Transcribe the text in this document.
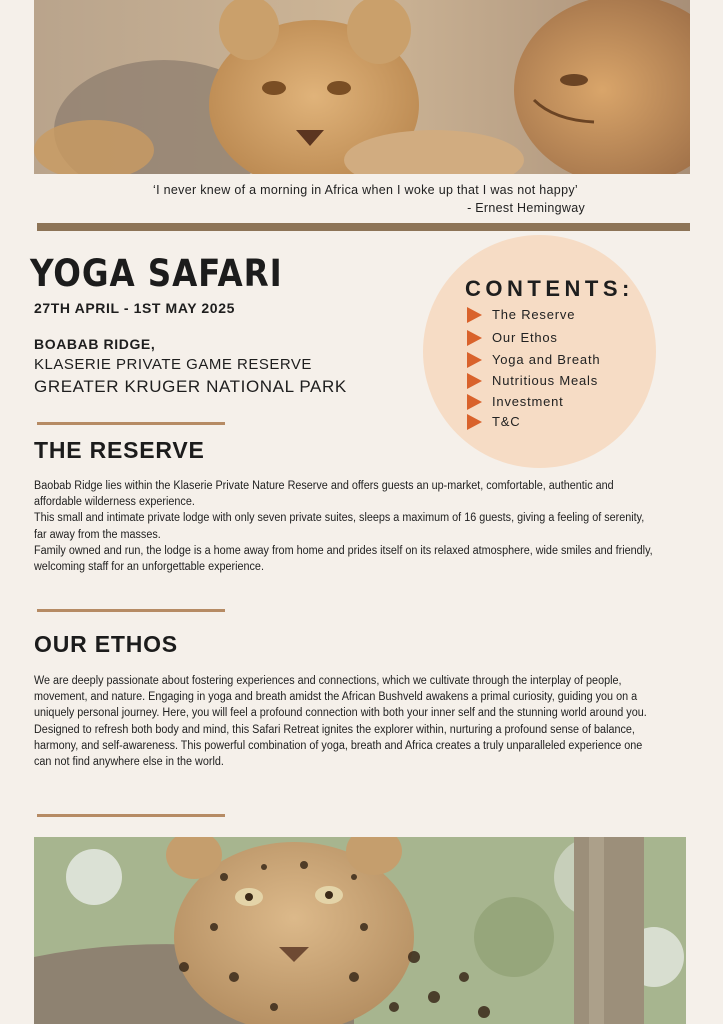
‘I never knew of a morning in Africa when I woke up that I was not happy’
- Ernest Hemingway
YOGA SAFARI
27TH APRIL - 1ST MAY 2025
BOABAB RIDGE,
KLASERIE PRIVATE GAME RESERVE
GREATER KRUGER NATIONAL PARK
CONTENTS:
The Reserve
Our Ethos
Yoga and Breath
Nutritious Meals
Investment
T&C
THE RESERVE

Baobab Ridge lies within the Klaserie Private Nature Reserve and offers guests an up-market, comfortable, authentic and affordable wilderness experience.

This small and intimate private lodge with only seven private suites, sleeps a maximum of 16 guests, giving a feeling of serenity, far away from the masses.

Family owned and run, the lodge is a home away from home and prides itself on its relaxed atmosphere, wide smiles and friendly, welcoming staff for an unforgettable experience.

OUR ETHOS

We are deeply passionate about fostering experiences and connections, which we cultivate through the interplay of people, movement, and nature. Engaging in yoga and breath amidst the African Bushveld awakens a primal curiosity, guiding you on a uniquely personal journey. Here, you will feel a profound connection with both your inner self and the stunning world around you. Designed to refresh both body and mind, this Safari Retreat ignites the explorer within, nurturing a profound sense of balance, harmony, and self-awareness. This powerful combination of yoga, breath and Africa creates a truly unparalleled experience one can not find anywhere else in the world.
